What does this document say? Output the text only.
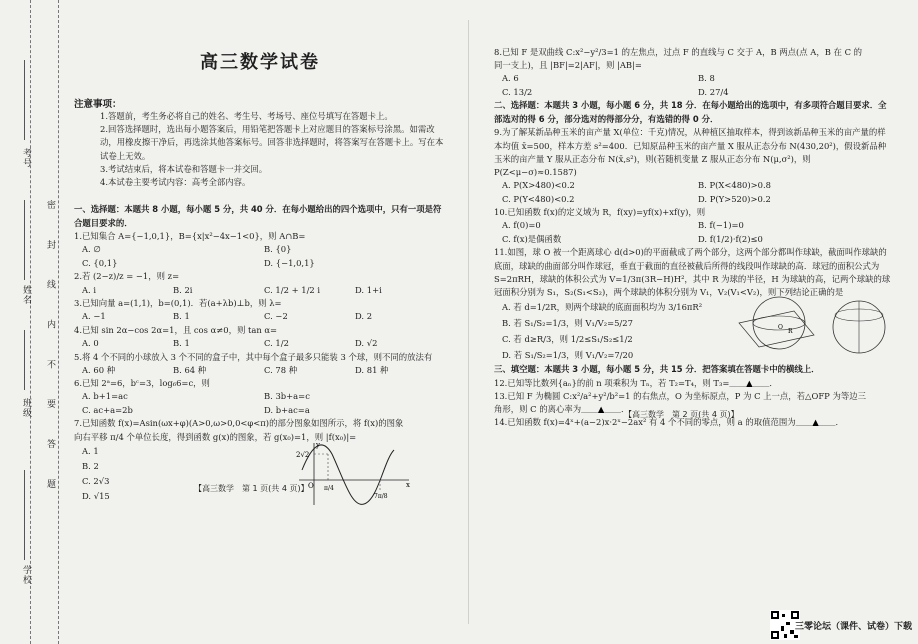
考号
姓名
班级
学校
密 封 线 内 不 要 答 题
高三数学试卷
注意事项：

1.答题前，考生务必将自己的姓名、考生号、考场号、座位号填写在答题卡上。

2.回答选择题时，选出每小题答案后，用铅笔把答题卡上对应题目的答案标号涂黑。如需改动，用橡皮擦干净后，再选涂其他答案标号。回答非选择题时，将答案写在答题卡上。写在本试卷上无效。

3.考试结束后，将本试卷和答题卡一并交回。

4.本试卷主要考试内容：高考全部内容。

一、选择题：本题共 8 小题，每小题 5 分，共 40 分．在每小题给出的四个选项中，只有一项是符合题目要求的．

1.已知集合 A={−1,0,1}，B={x|x²−4x−1<0}，则 A∩B=

A. ∅	B. {0}
C. {0,1}	D. {−1,0,1}

2.若 (2−z)/z = −1，则 z=

A. i	B. 2i	C. 1/2 + 1/2 i	D. 1+i

3.已知向量 a=(1,1)，b=(0,1)．若(a+λb)⊥b，则 λ=

A. −1	B. 1	C. −2	D. 2

4.已知 sin 2α−cos 2α=1，且 cos α≠0，则 tan α=

A. 0	B. 1	C. 1/2	D. √2

5.将 4 个不同的小球放入 3 个不同的盒子中，其中每个盒子最多只能装 3 个球，则不同的放法有

A. 60 种	B. 64 种	C. 78 种	D. 81 种

6.已知 2ᵃ=6，bᶜ=3，log₆6=c，则

A. b+1=ac	B. 3b+a=c
C. ac+a=2b	D. b+ac=a

7.已知函数 f(x)=Asin(ωx+φ)(A>0,ω>0,0<φ<π)的部分图象如图所示，将 f(x)的图象

向右平移 π/4 个单位长度，得到函数 g(x)的图象，若 g(x₀)=1，则 |f(x₀)|=

A. 1
B. 2
C. 2√3
D. √15
2√2
O π/4
7π/8
x
y
【高三数学　第 1 页(共 4 页)】

8.已知 F 是双曲线 C:x²−y²/3=1 的左焦点，过点 F 的直线与 C 交于 A，B 两点(点 A，B 在 C 的

同一支上)，且 |BF|=2|AF|，则 |AB|=

A. 6	B. 8
C. 13/2	D. 27/4
二、选择题：本题共 3 小题，每小题 6 分，共 18 分．在每小题给出的选项中，有多项符合题目要求．全部选对的得 6 分，部分选对的得部分分，有选错的得 0 分．

9.为了解某新品种玉米的亩产量 X(单位：千克)情况，从种植区抽取样本，得到该新品种玉米的亩产量的样本均值 x̄=500，样本方差 s²=400．已知原品种玉米的亩产量 X 服从正态分布 N(430,20²)，假设新品种玉米的亩产量 Y 服从正态分布 N(x̄,s²)，则(若随机变量 Z 服从正态分布 N(μ,σ²)，则 P(Z<μ−σ)≈0.1587)

A. P(X>480)<0.2	B. P(X<480)>0.8
C. P(Y<480)<0.2	D. P(Y>520)>0.2

10.已知函数 f(x)的定义域为 R，f(xy)=yf(x)+xf(y)，则

A. f(0)=0	B. f(−1)=0
C. f(x)是偶函数	D. f(1/2)·f(2)≤0

11.如图，球 O 被一个距离球心 d(d>0)的平面截成了两个部分，这两个部分都叫作球缺，截面叫作球缺的底面，球缺的曲面部分叫作球冠，垂直于截面的直径被截后所得的线段叫作球缺的高．球冠的面积公式为 S=2πRH，球缺的体积公式为 V=1/3π(3R−H)H²，其中 R 为球的半径，H 为球缺的高，记两个球缺的球冠面积分别为 S₁，S₂(S₁<S₂)，两个球缺的体积分别为 V₁，V₂(V₁<V₂)，则下列结论正确的是

A. 若 d=1/2R，则两个球缺的底面面积均为 3/16πR²
B. 若 S₁/S₂=1/3，则 V₁/V₂=5/27
C. 若 d≥R/3，则 1/2≤S₁/S₂≤1/2
D. 若 S₁/S₂=1/3，则 V₁/V₂=7/20
O
R
三、填空题：本题共 3 小题，每小题 5 分，共 15 分．把答案填在答题卡中的横线上．

12.已知等比数列{aₙ}的前 n 项乘积为 Tₙ，若 T₂=T₄，则 T₃=＿＿▲＿＿．

13.已知 F 为椭圆 C:x²/a²+y²/b²=1 的右焦点，O 为坐标原点，P 为 C 上一点，若△OFP 为等边三

角形，则 C 的离心率为＿＿▲＿＿．

14.已知函数 f(x)=4ˣ+(a−2)x·2ˣ−2ax² 有 4 个不同的零点，则 a 的取值范围为＿＿▲＿＿．

【高三数学　第 2 页(共 4 页)】
三零论坛（课件、试卷）下载
